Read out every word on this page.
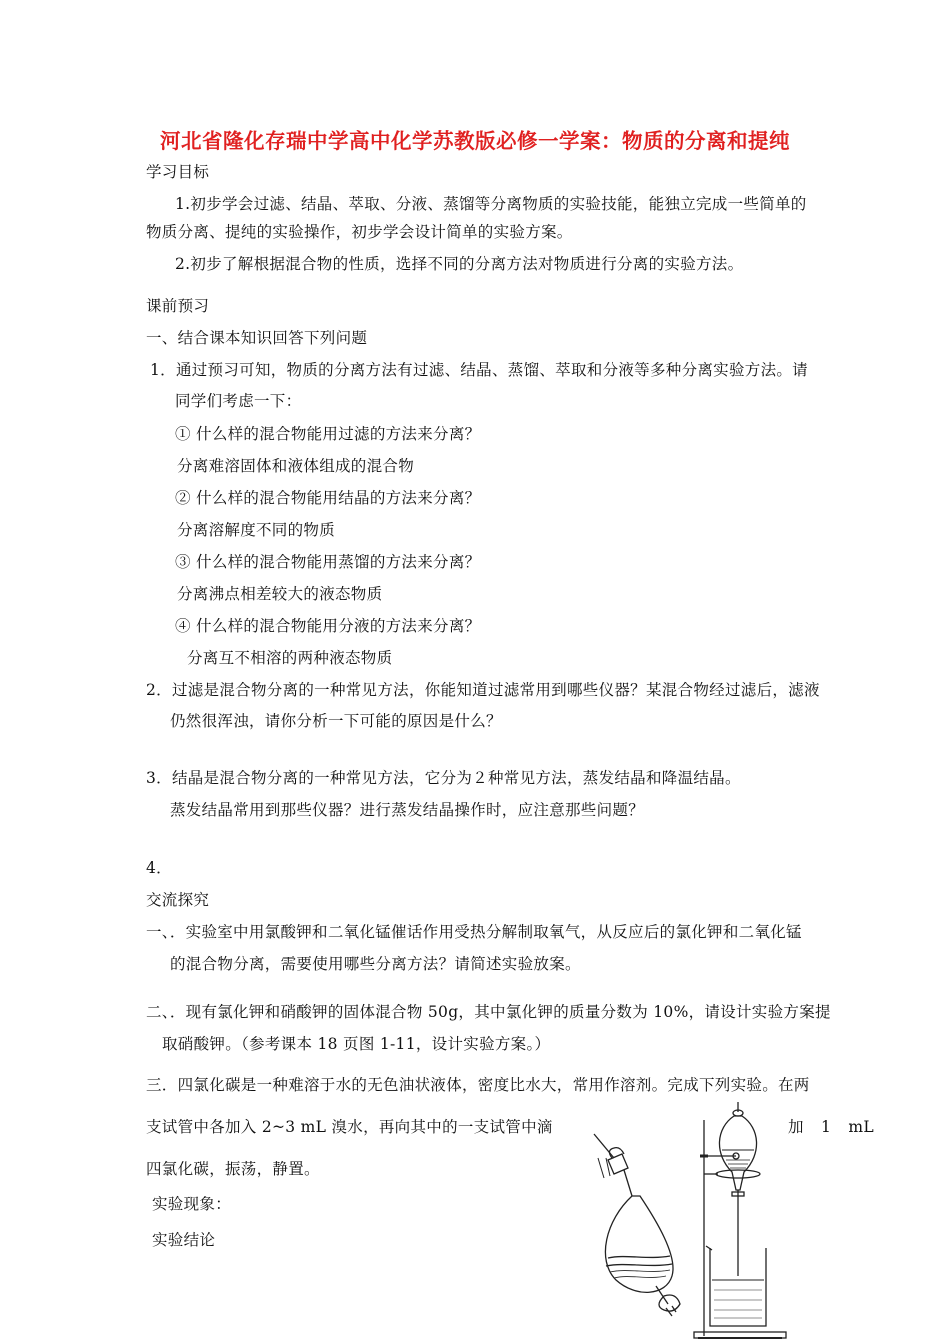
河北省隆化存瑞中学高中化学苏教版必修一学案：物质的分离和提纯
学习目标
1.初步学会过滤、结晶、萃取、分液、蒸馏等分离物质的实验技能，能独立完成一些简单的
物质分离、提纯的实验操作，初步学会设计简单的实验方案。
2.初步了解根据混合物的性质，选择不同的分离方法对物质进行分离的实验方法。
课前预习
一、结合课本知识回答下列问题
1．通过预习可知，物质的分离方法有过滤、结晶、蒸馏、萃取和分液等多种分离实验方法。请
同学们考虑一下：
① 什么样的混合物能用过滤的方法来分离？
分离难溶固体和液体组成的混合物
② 什么样的混合物能用结晶的方法来分离？
分离溶解度不同的物质
③ 什么样的混合物能用蒸馏的方法来分离？
分离沸点相差较大的液态物质
④ 什么样的混合物能用分液的方法来分离？
分离互不相溶的两种液态物质
2．过滤是混合物分离的一种常见方法，你能知道过滤常用到哪些仪器？某混合物经过滤后，滤液
仍然很浑浊，请你分析一下可能的原因是什么？
3．结晶是混合物分离的一种常见方法，它分为２种常见方法，蒸发结晶和降温结晶。
蒸发结晶常用到那些仪器？进行蒸发结晶操作时，应注意那些问题？
4．
交流探究
一、．实验室中用氯酸钾和二氧化锰催话作用受热分解制取氧气，从反应后的氯化钾和二氧化锰
的混合物分离，需要使用哪些分离方法？请简述实验放案。
二、．现有氯化钾和硝酸钾的固体混合物 50g，其中氯化钾的质量分数为 10%，请设计实验方案提
取硝酸钾。（参考课本 18 页图 1-11，设计实验方案。）
三．四氯化碳是一种难溶于水的无色油状液体，密度比水大，常用作溶剂。完成下列实验。在两
支试管中各加入 2~3 mL 溴水，再向其中的一支试管中滴	加 1 mL
四氯化碳，振荡，静置。
实验现象：
实验结论
